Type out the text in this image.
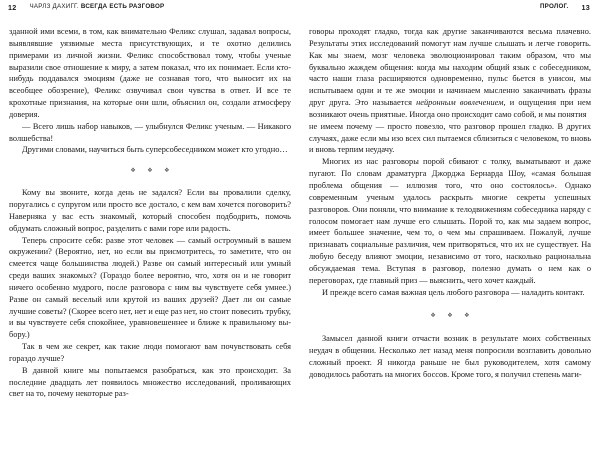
12 ЧАРЛЗ ДАХИГГ.
ВСЕГДА ЕСТЬ РАЗГОВОР	ПРОЛОГ. 13

зданной ими всеми, в том, как внимательно Феликс слушал, задавал вопросы, выявлявшие уязвимые места присутствующих, и те охотно делились примерами из личной жизни. Феликс способствовал тому, чтобы ученые выразили свое отношение к миру, а затем показал, что их понимает. Если кто-нибудь поддавался эмоциям (даже не сознавая того, что выносит их на всеобщее обозрение), Феликс озвучивал свои чувства в ответ. И все те крохотные признания, на которые они шли, объяснил он, создали атмосферу доверия.

— Всего лишь набор навыков, — улыбнулся Феликс ученым. — Никакого волшебства!

Другими словами, научиться быть суперсобеседником может кто угодно…

❖ ❖ ❖

Кому вы звоните, когда день не задался? Если вы провалили сделку, поругались с супругом или просто все достало, с кем вам хочется поговорить? Наверняка у вас есть знакомый, который способен подбодрить, помочь обдумать сложный вопрос, разделить с вами горе или радость.

Теперь спросите себя: разве этот человек — самый остроумный в вашем окружении? (Вероятно, нет, но если вы присмотритесь, то заметите, что он смеется чаще большинства людей.) Разве он самый интересный или умный среди ваших знакомых? (Гораздо более вероятно, что, хотя он и не говорит ничего особенно мудрого, после разговора с ним вы чувствуете себя умнее.) Разве он самый веселый или крутой из ваших друзей? Дает ли он самые лучшие советы? (Скорее всего нет, нет и еще раз нет, но стоит повесить трубку, и вы чувствуете себя спокойнее, уравновешеннее и ближе к правильному выбору.)

Так в чем же секрет, как такие люди помогают вам почувствовать себя гораздо лучше?

В данной книге мы попытаемся разобраться, как это происходит. За последние двадцать лет появилось множество исследований, проливающих свет на то, почему некоторые раз-

говоры проходят гладко, тогда как другие заканчиваются весьма плачевно. Результаты этих исследований помогут нам лучше слышать и легче говорить. Как мы знаем, мозг человека эволюционировал таким образом, что мы буквально жаждем общения: когда мы находим общий язык с собеседником, часто наши глаза расширяются одновременно, пульс бьется в унисон, мы испытываем одни и те же эмоции и начинаем мысленно заканчивать фразы друг друга. Это называется нейронным вовлечением, и ощущения при нем возникают очень приятные. Иногда оно происходит само собой, и мы понятия

не имеем почему — просто повезло, что разговор прошел гладко. В других случаях, даже если мы изо всех сил пытаемся сблизиться с человеком, то вновь и вновь терпим неудачу.

Многих из нас разговоры порой сбивают с толку, выматывают и даже пугают. По словам драматурга Джорджа Бернарда Шоу, «самая большая проблема общения — иллюзия того, что оно состоялось». Однако современным ученым удалось раскрыть многие секреты успешных разговоров. Они поняли, что внимание к телодвижениям собеседника наряду с голосом помогает нам лучше его слышать. Порой то, как мы задаем вопрос, имеет большее значение, чем то, о чем мы спрашиваем. Пожалуй, лучше признавать социальные различия, чем притворяться, что их не существует. На любую беседу влияют эмоции, независимо от того, насколько рациональна обсуждаемая тема. Вступая в разговор, полезно думать о нем как о переговорах, где главный приз — выяснить, чего хочет каждый.

И прежде всего самая важная цель любого разговора — наладить контакт.

❖ ❖ ❖

Замысел данной книги отчасти возник в результате моих собственных неудач в общении. Несколько лет назад меня попросили возглавить довольно сложный проект. Я никогда раньше не был руководителем, хотя самому доводилось работать на многих боссов. Кроме того, я получил степень маги-
